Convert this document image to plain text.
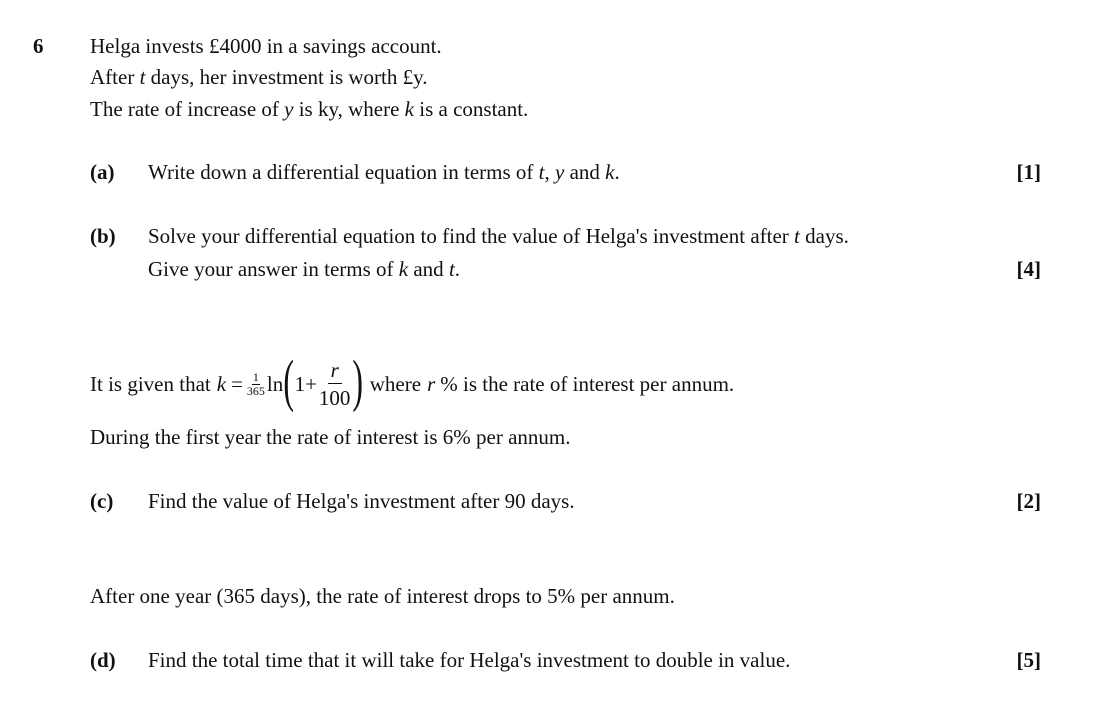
6 Helga invests £4000 in a savings account.
After t days, her investment is worth £y.
The rate of increase of y is ky, where k is a constant.
(a) Write down a differential equation in terms of t, y and k.	[1]
(b) Solve your differential equation to find the value of Helga's investment after t days.
Give your answer in terms of k and t.	[4]
It is given that $k = \frac{1}{365}$ ln ( $1+ \frac{r}{100}$ ) where r % is the rate of interest per annum.
During the first year the rate of interest is 6% per annum.
(c) Find the value of Helga's investment after 90 days.	[2]
After one year (365 days), the rate of interest drops to 5% per annum.
(d) Find the total time that it will take for Helga's investment to double in value.	[5]
